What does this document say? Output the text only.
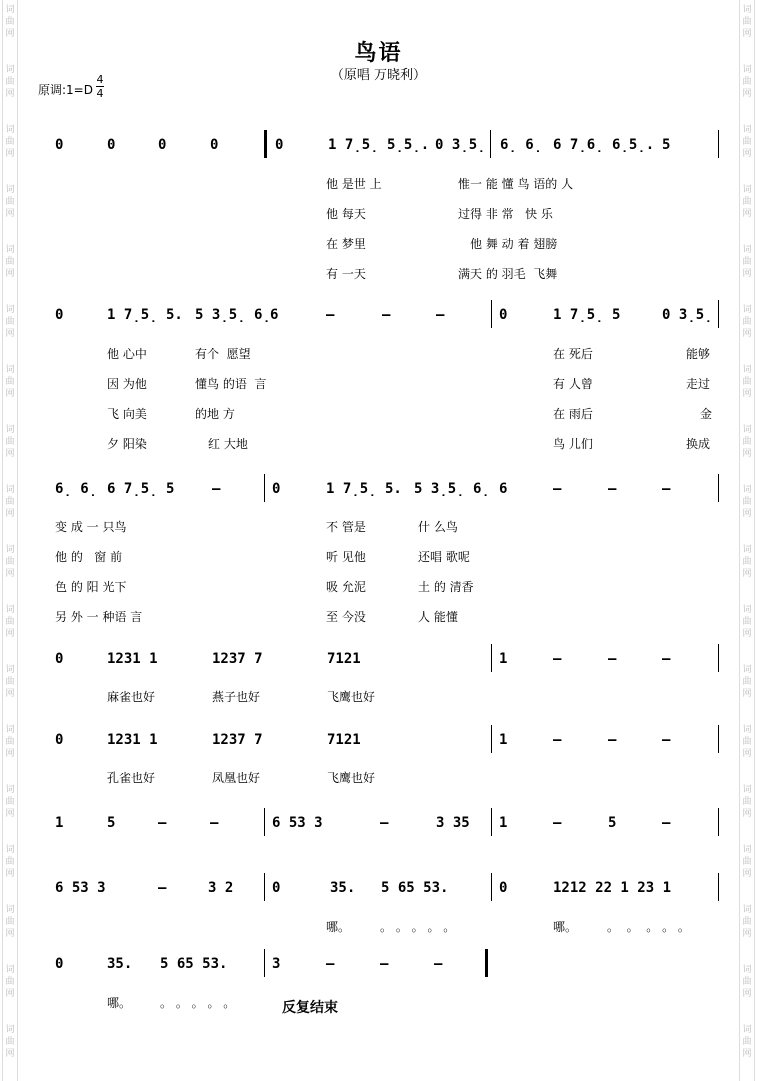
词
曲
网
词
曲
网
词
曲
网
词
曲
网
词
曲
网
词
曲
网
词
曲
网
词
曲
网
词
曲
网
词
曲
网
词
曲
网
词
曲
网
词
曲
网
词
曲
网
词
曲
网
词
曲
网
词
曲
网
词
曲
网
词
曲
网
词
曲
网
词
曲
网
词
曲
网
词
曲
网
词
曲
网
词
曲
网
词
曲
网
词
曲
网
词
曲
网
词
曲
网
词
曲
网
词
曲
网
词
曲
网
词
曲
网
词
曲
网
词
曲
网
词
曲
网
鸟语
（原唱 万晓利）
原调:1=D
4
4
0	0	0	0	0	1 7̣5̣ 5̣5̣. 0 3̣5̣ 6̣ 6̣ 6 7̣6̣ 6̣5̣. 5
0	1 7̣5̣ 5. 5 3̣5̣ 6̣ 6	–	–	–	0	1 7̣5̣ 5	0 3̣5̣
6̣ 6̣ 6 7̣5̣ 5	–	0	1 7̣5̣ 5. 5 3̣5̣ 6̣ 6	–	–	–
0	1231 1	1237 7	7121	1	–	–	–
0	1231 1	1237 7	7121	1	–	–	–
1	5	–	–	6 53 3	–	3 35 1	–	5	–
6 53 3	–	3 2	0	35. 5 65 53.	0	1212 22 1 23 1
0	35. 5 65 53.	3	–	–	–
他 是世 上	惟一 能 懂 鸟 语的 人
他 每天	过得 非 常   快 乐
在 梦里	他 舞 动 着 翅膀
有 一天	满天 的 羽毛  飞舞
他 心中	有个  愿望	在 死后	能够
因 为他	懂鸟 的语  言	有 人曾	走过
飞 向美	的地 方	在 雨后	金
夕 阳染	红 大地	鸟 儿们	换成
变 成 一 只鸟	不 管是	什 么鸟
他 的   窗 前	听 见他	还唱 歌呢
色 的 阳 光下	吸 允泥	土 的 清香
另 外 一 种语 言	至 今没	人 能懂
麻雀也好	燕子也好	飞鹰也好
孔雀也好	凤凰也好	飞鹰也好
哪。 。 。 。 。 。	哪。 。  。  。 。 。
哪。 。 。 。 。 。	反复结束
